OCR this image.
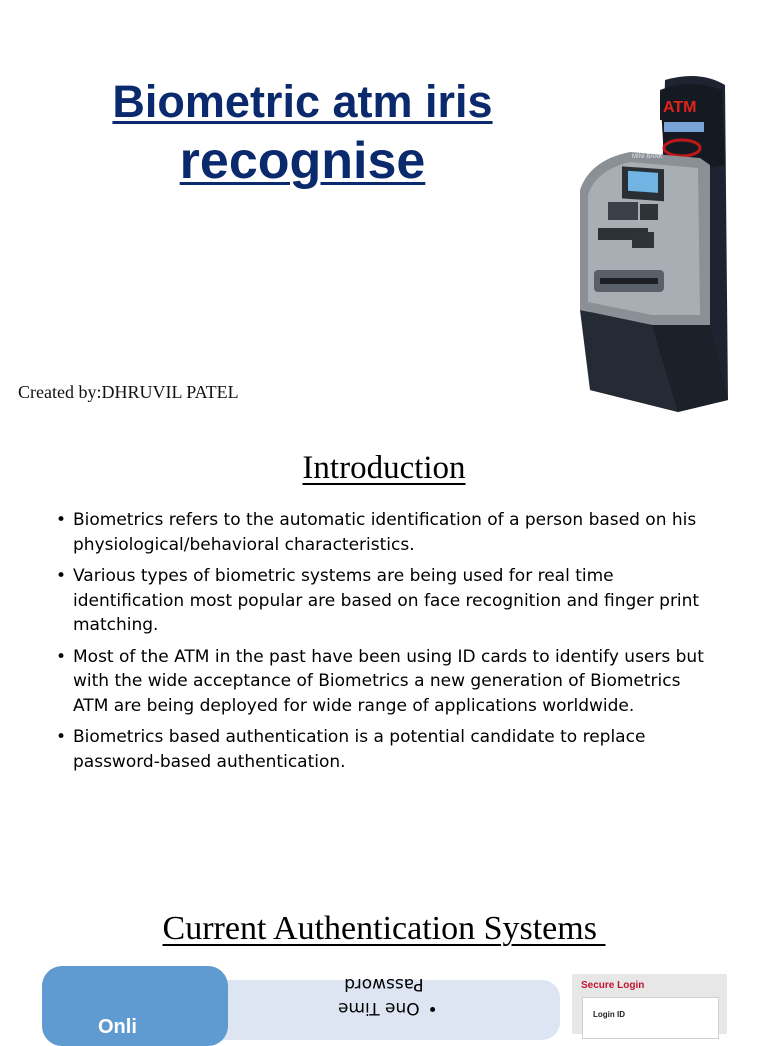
Biometric atm iris
recognise
Created by:DHRUVIL PATEL
ATM
MINI BANK
Introduction
• Biometrics refers to the automatic identification of a person based on his physiological/behavioral characteristics.
• Various types of biometric systems are being used for real time identification most popular are based on face recognition and finger print matching.
• Most of the ATM in the past have been using ID cards to identify users but with the wide acceptance of Biometrics a new generation of Biometrics ATM are being deployed for wide range of applications worldwide.
• Biometrics based authentication is a potential candidate to replace password-based authentication.
Current Authentication Systems
Onli
•One Time
Password	Secure Login
Login ID
